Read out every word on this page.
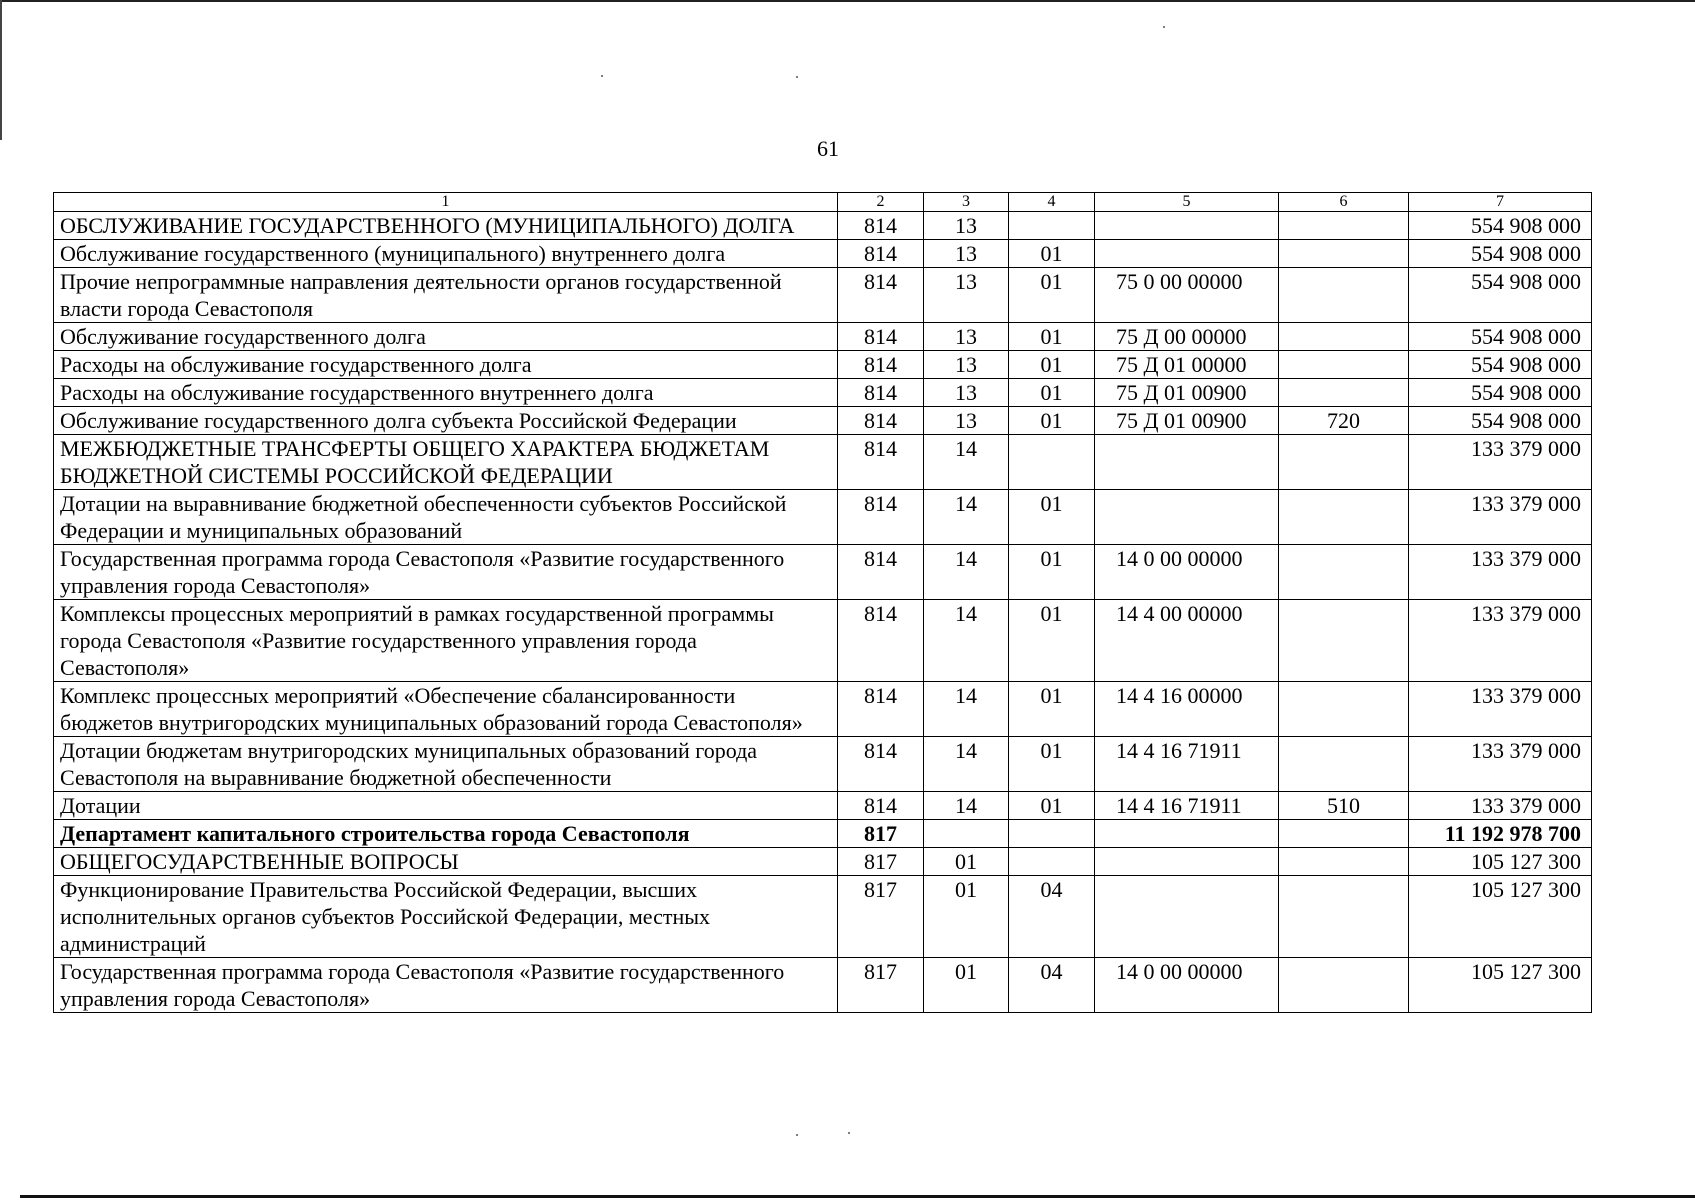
61
1	2	3	4	5	6	7
ОБСЛУЖИВАНИЕ ГОСУДАРСТВЕННОГО (МУНИЦИПАЛЬНОГО) ДОЛГА	814	13				554 908 000
Обслуживание государственного (муниципального) внутреннего долга	814	13	01			554 908 000
Прочие непрограммные направления деятельности органов государственной власти города Севастополя	814	13	01	75 0 00 00000		554 908 000
Обслуживание государственного долга	814	13	01	75 Д 00 00000		554 908 000
Расходы на обслуживание государственного долга	814	13	01	75 Д 01 00000		554 908 000
Расходы на обслуживание государственного внутреннего долга	814	13	01	75 Д 01 00900		554 908 000
Обслуживание государственного долга субъекта Российской Федерации	814	13	01	75 Д 01 00900	720	554 908 000
МЕЖБЮДЖЕТНЫЕ ТРАНСФЕРТЫ ОБЩЕГО ХАРАКТЕРА БЮДЖЕТАМ БЮДЖЕТНОЙ СИСТЕМЫ РОССИЙСКОЙ ФЕДЕРАЦИИ	814	14				133 379 000
Дотации на выравнивание бюджетной обеспеченности субъектов Российской Федерации и муниципальных образований	814	14	01			133 379 000
Государственная программа города Севастополя «Развитие государственного управления города Севастополя»	814	14	01	14 0 00 00000		133 379 000
Комплексы процессных мероприятий в рамках государственной программы города Севастополя «Развитие государственного управления города Севастополя»	814	14	01	14 4 00 00000		133 379 000
Комплекс процессных мероприятий «Обеспечение сбалансированности бюджетов внутригородских муниципальных образований города Севастополя»	814	14	01	14 4 16 00000		133 379 000
Дотации бюджетам внутригородских муниципальных образований города Севастополя на выравнивание бюджетной обеспеченности	814	14	01	14 4 16 71911		133 379 000
Дотации	814	14	01	14 4 16 71911	510	133 379 000
Департамент капитального строительства города Севастополя	817					11 192 978 700
ОБЩЕГОСУДАРСТВЕННЫЕ ВОПРОСЫ	817	01				105 127 300
Функционирование Правительства Российской Федерации, высших исполнительных органов субъектов Российской Федерации, местных администраций	817	01	04			105 127 300
Государственная программа города Севастополя «Развитие государственного управления города Севастополя»	817	01	04	14 0 00 00000		105 127 300
